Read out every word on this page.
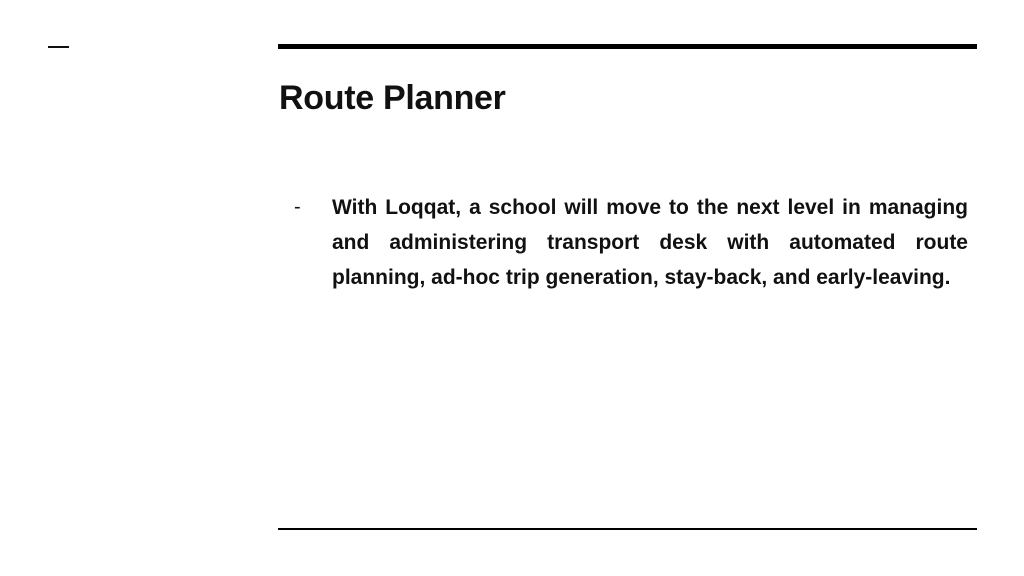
Route Planner
-	With Loqqat, a school will move to the next level in managing and administering transport desk with automated route planning, ad-hoc trip generation, stay-back, and early-leaving.
